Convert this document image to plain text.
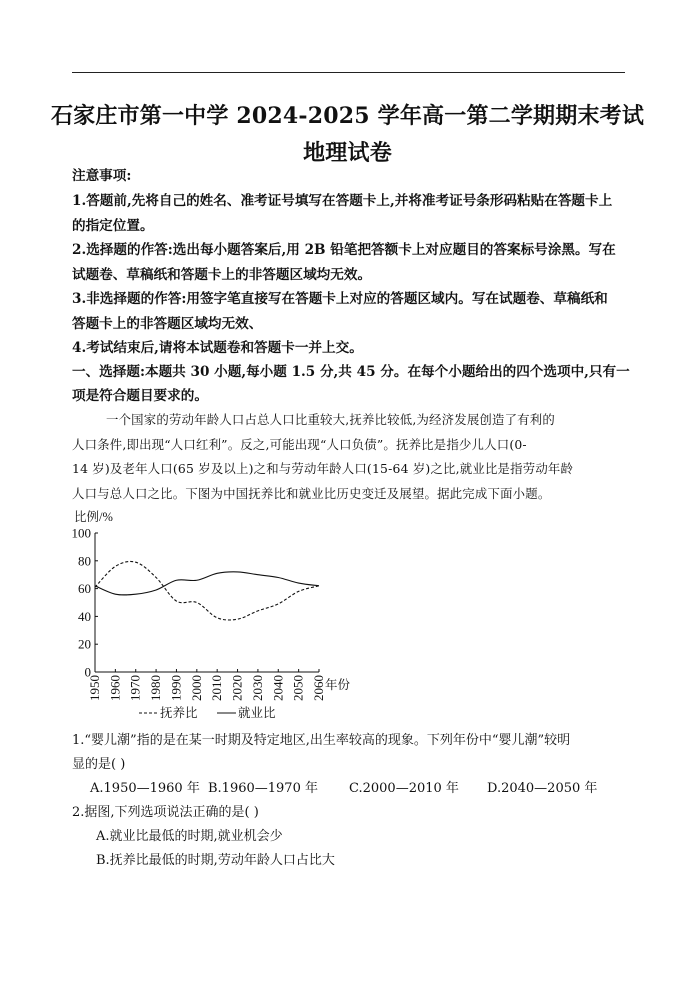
石家庄市第一中学 2024-2025 学年高一第二学期期末考试
地理试卷
注意事项:
1.答题前,先将自己的姓名、准考证号填写在答题卡上,并将准考证号条形码粘贴在答题卡上
的指定位置。
2.选择题的作答:选出每小题答案后,用 2B 铅笔把答额卡上对应题目的答案标号涂黑。写在
试题卷、草稿纸和答题卡上的非答题区域均无效。
3.非选择题的作答:用签字笔直接写在答题卡上对应的答题区域内。写在试题卷、草稿纸和
答题卡上的非答题区域均无效、
4.考试结束后,请将本试题卷和答题卡一并上交。
一、选择题:本题共 30 小题,每小题 1.5 分,共 45 分。在每个小题给出的四个选项中,只有一
项是符合题目要求的。
一个国家的劳动年龄人口占总人口比重较大,抚养比较低,为经济发展创造了有利的
人口条件,即出现“人口红利”。反之,可能出现“人口负债”。抚养比是指少儿人口(0-
14 岁)及老年人口(65 岁及以上)之和与劳动年龄人口(15-64 岁)之比,就业比是指劳动年龄
人口与总人口之比。下图为中国抚养比和就业比历史变迁及展望。据此完成下面小题。
0
20
40
60
80
100
1950 1960 1970 1980 1990 2000 2010 2020 2030 2040 2050 2060
比例/%
年份
抚养比	就业比
1.“婴儿潮”指的是在某一时期及特定地区,出生率较高的现象。下列年份中“婴儿潮”较明
显的是( )
A.1950—1960 年 B.1960—1970 年	C.2000—2010 年	D.2040—2050 年
2.据图,下列选项说法正确的是( )
A.就业比最低的时期,就业机会少
B.抚养比最低的时期,劳动年龄人口占比大
